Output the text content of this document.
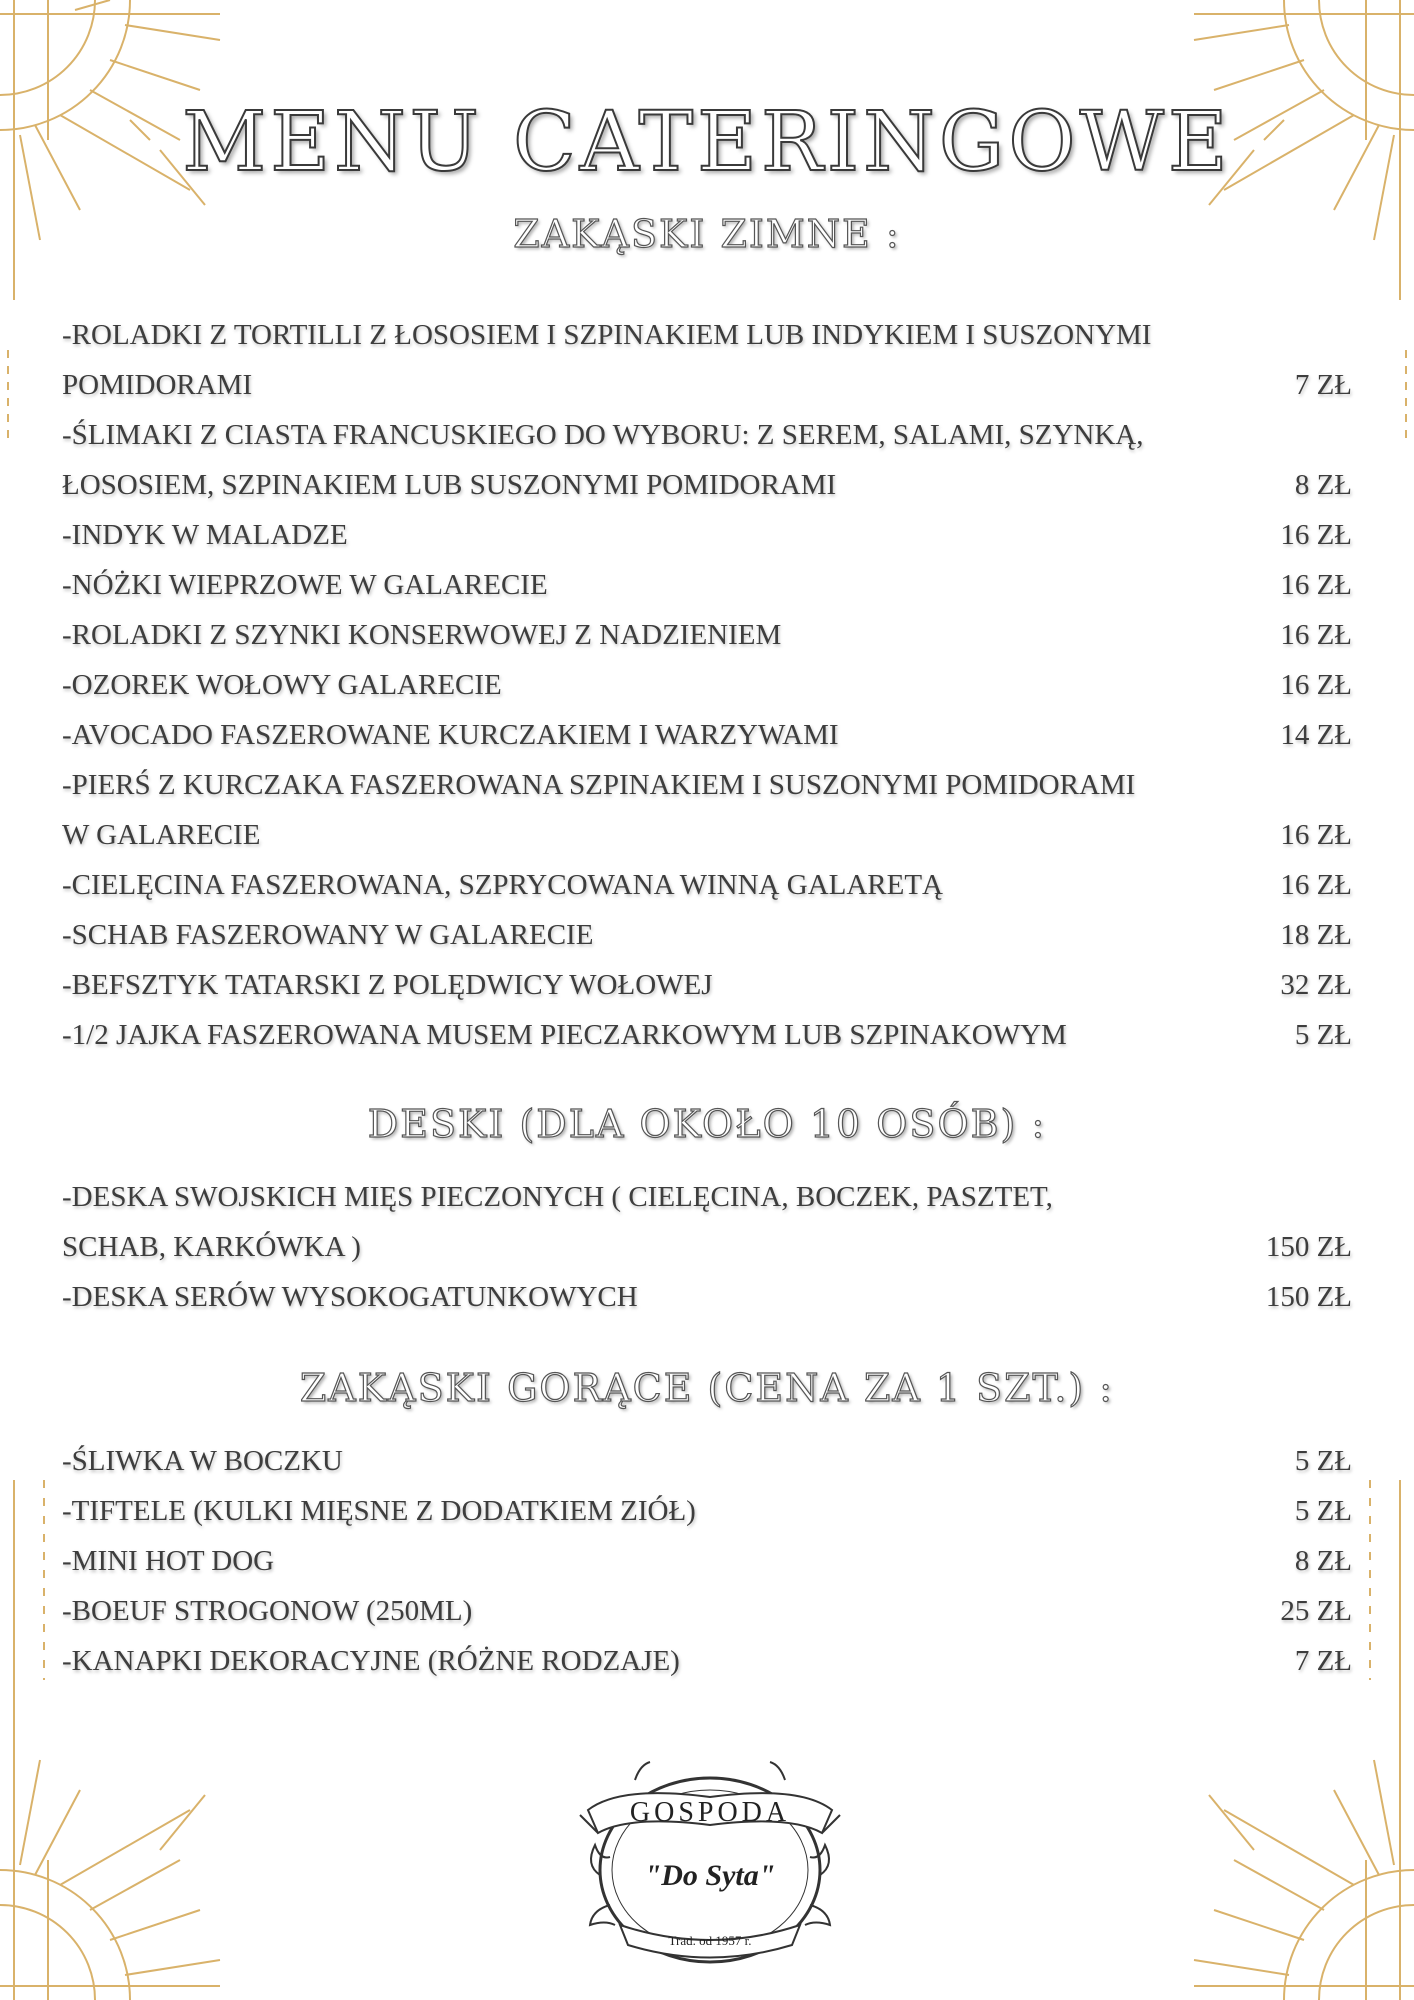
MENU CATERINGOWE
ZAKĄSKI ZIMNE :
-ROLADKI Z TORTILLI Z ŁOSOSIEM I SZPINAKIEM LUB INDYKIEM I SUSZONYMI
POMIDORAMI	7 ZŁ
-ŚLIMAKI Z CIASTA FRANCUSKIEGO DO WYBORU: Z SEREM, SALAMI, SZYNKĄ,
ŁOSOSIEM, SZPINAKIEM LUB SUSZONYMI POMIDORAMI	8 ZŁ
-INDYK W MALADZE	16 ZŁ
-NÓŻKI WIEPRZOWE W GALARECIE	16 ZŁ
-ROLADKI Z SZYNKI KONSERWOWEJ Z NADZIENIEM	16 ZŁ
-OZOREK WOŁOWY GALARECIE	16 ZŁ
-AVOCADO FASZEROWANE KURCZAKIEM I WARZYWAMI	14 ZŁ
-PIERŚ Z KURCZAKA FASZEROWANA SZPINAKIEM I SUSZONYMI POMIDORAMI
W GALARECIE	16 ZŁ
-CIELĘCINA FASZEROWANA, SZPRYCOWANA WINNĄ GALARETĄ	16 ZŁ
-SCHAB FASZEROWANY W GALARECIE	18 ZŁ
-BEFSZTYK TATARSKI Z POLĘDWICY WOŁOWEJ	32 ZŁ
-1/2 JAJKA FASZEROWANA MUSEM PIECZARKOWYM LUB SZPINAKOWYM	5 ZŁ
DESKI (DLA OKOŁO 10 OSÓB) :
-DESKA SWOJSKICH MIĘS PIECZONYCH ( CIELĘCINA, BOCZEK, PASZTET,
SCHAB, KARKÓWKA )	150 ZŁ
-DESKA SERÓW WYSOKOGATUNKOWYCH	150 ZŁ
ZAKĄSKI GORĄCE (CENA ZA 1 SZT.) :
-ŚLIWKA W BOCZKU	5 ZŁ
-TIFTELE (KULKI MIĘSNE Z DODATKIEM ZIÓŁ)	5 ZŁ
-MINI HOT DOG	8 ZŁ
-BOEUF STROGONOW (250ML)	25 ZŁ
-KANAPKI DEKORACYJNE (RÓŻNE RODZAJE)	7 ZŁ
GOSPODA
"Do Syta"
Trad. od 1957 r.
